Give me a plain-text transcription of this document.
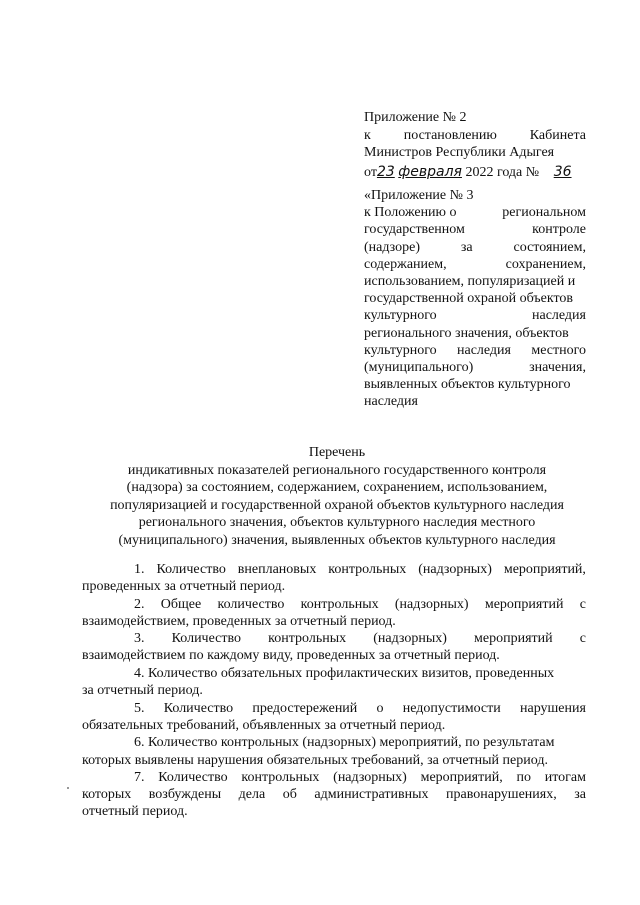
Приложение № 2
к постановлению Кабинета
Министров Республики Адыгея
от23 февраля 2022 года № 36
«Приложение № 3
к Положению о	региональном
государственном	контроле
(надзоре)	за	состоянием,
содержанием,	сохранением,
использованием, популяризацией и
государственной охраной объектов
культурного	наследия
регионального значения, объектов
культурного наследия местного
(муниципального)	значения,
выявленных объектов культурного
наследия
Перечень
индикативных показателей регионального государственного контроля
(надзора) за состоянием, содержанием, сохранением, использованием,
популяризацией и государственной охраной объектов культурного наследия
регионального значения, объектов культурного наследия местного
(муниципального) значения, выявленных объектов культурного наследия
1. Количество внеплановых контрольных (надзорных) мероприятий,
проведенных за отчетный период.
2. Общее количество контрольных (надзорных) мероприятий с
взаимодействием, проведенных за отчетный период.
3. Количество контрольных (надзорных) мероприятий с
взаимодействием по каждому виду, проведенных за отчетный период.
4. Количество обязательных профилактических визитов, проведенных
за отчетный период.
5. Количество предостережений о недопустимости нарушения
обязательных требований, объявленных за отчетный период.
6. Количество контрольных (надзорных) мероприятий, по результатам
которых выявлены нарушения обязательных требований, за отчетный период.
7. Количество контрольных (надзорных) мероприятий, по итогам
которых возбуждены дела об административных правонарушениях, за
отчетный период.
